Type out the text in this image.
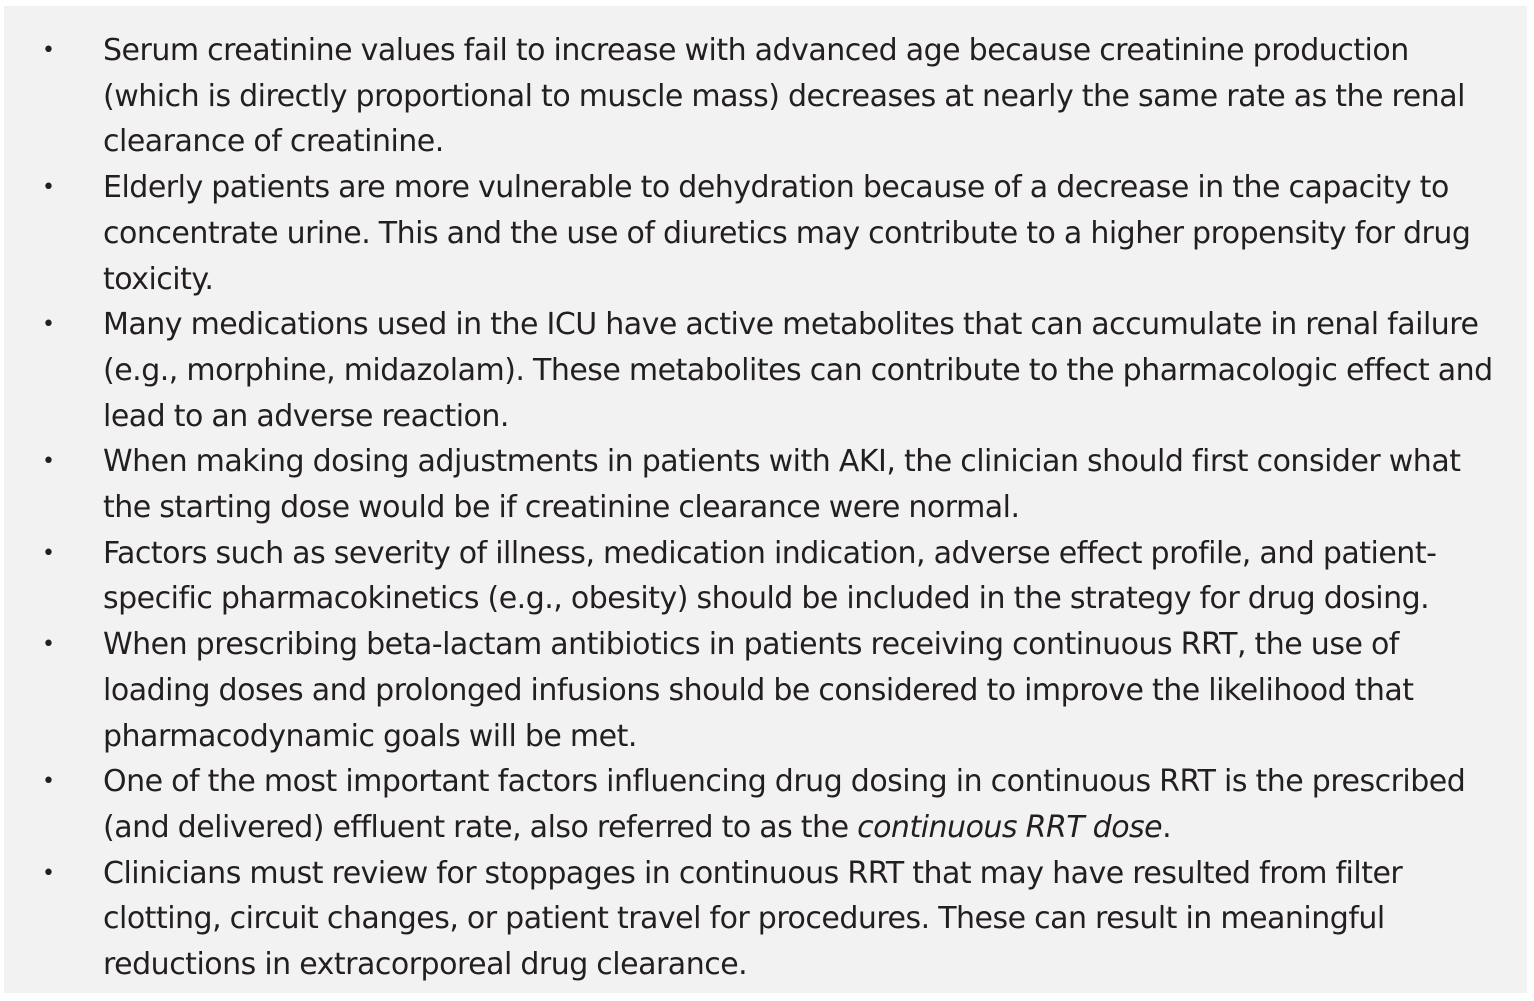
• Serum creatinine values fail to increase with advanced age because creatinine production (which is directly proportional to muscle mass) decreases at nearly the same rate as the renal clearance of creatinine.
• Elderly patients are more vulnerable to dehydration because of a decrease in the capacity to concentrate urine. This and the use of diuretics may contribute to a higher propensity for drug toxicity.
• Many medications used in the ICU have active metabolites that can accumulate in renal failure (e.g., morphine, midazolam). These metabolites can contribute to the pharmacologic effect and lead to an adverse reaction.
• When making dosing adjustments in patients with AKI, the clinician should first consider what the starting dose would be if creatinine clearance were normal.
• Factors such as severity of illness, medication indication, adverse effect profile, and patient-specific pharmacokinetics (e.g., obesity) should be included in the strategy for drug dosing.
• When prescribing beta-lactam antibiotics in patients receiving continuous RRT, the use of loading doses and prolonged infusions should be considered to improve the likelihood that pharmacodynamic goals will be met.
• One of the most important factors influencing drug dosing in continuous RRT is the prescribed (and delivered) effluent rate, also referred to as the continuous RRT dose.
• Clinicians must review for stoppages in continuous RRT that may have resulted from filter clotting, circuit changes, or patient travel for procedures. These can result in meaningful reductions in extracorporeal drug clearance.
